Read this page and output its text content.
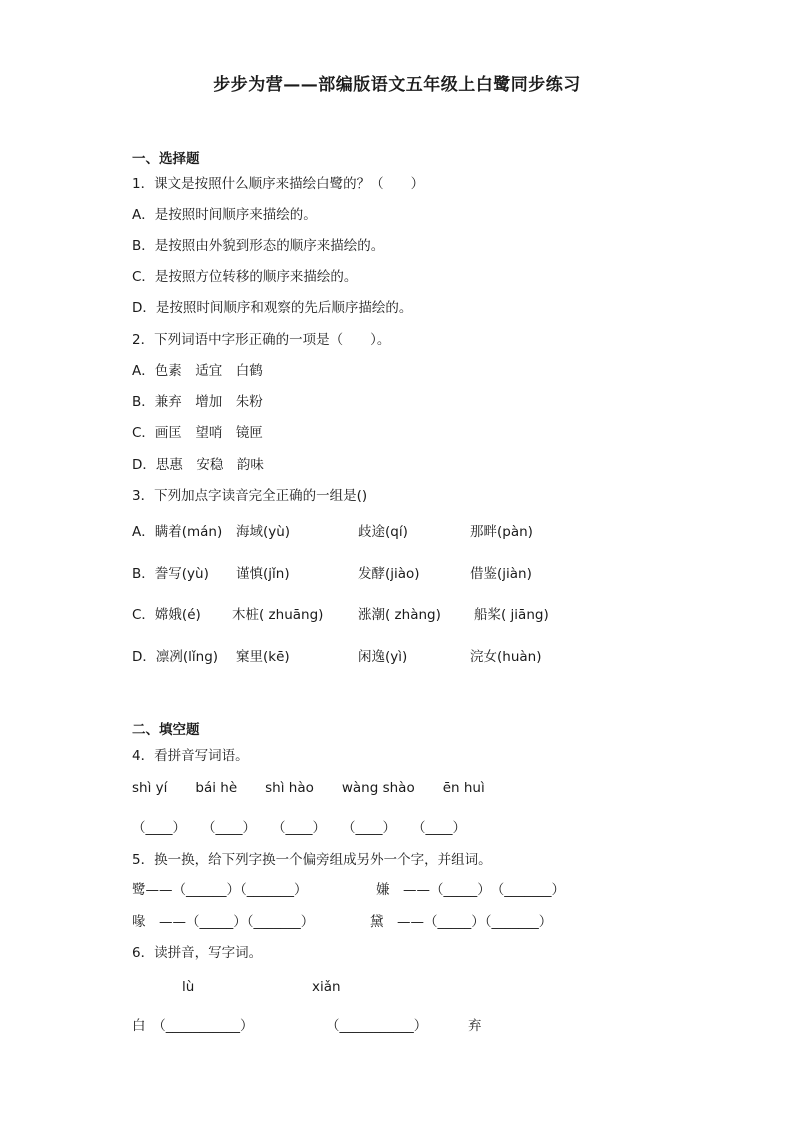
步步为营——部编版语文五年级上白鹭同步练习
一、选择题
1．课文是按照什么顺序来描绘白鹭的？（　　）
A．是按照时间顺序来描绘的。
B．是按照由外貌到形态的顺序来描绘的。
C．是按照方位转移的顺序来描绘的。
D．是按照时间顺序和观察的先后顺序描绘的。
2．下列词语中字形正确的一项是（　　）。
A．色素　适宜　白鹤
B．兼弃　增加　朱粉
C．画匡　望哨　镜匣
D．思惠　安稳　韵味
3．下列加点字读音完全正确的一组是()
A．瞒着(mán) 海域(yù)	歧途(qí)	那畔(pàn)
B．誊写(yù) 谨慎(jǐn)	发酵(jiào)	借鉴(jiàn)
C．嫦娥(é) 木桩( zhuāng)	涨潮( zhàng) 船桨( jiāng)
D．凛冽(lǐng) 窠里(kē)	闲逸(yì)	浣女(huàn)
二、填空题
4．看拼音写词语。
shì yí bái hè shì hào wàng shào ēn huì
（____） （____） （____） （____） （____）
5．换一换，给下列字换一个偏旁组成另外一个字，并组词。
鹭——（______）（_______）	嫌　——（_____）　（_______）
喙　——（_____）（_______）	黛　——（_____）（_______）
6．读拼音，写字词。
lù	xiǎn
白　（___________）	（___________）	弃
